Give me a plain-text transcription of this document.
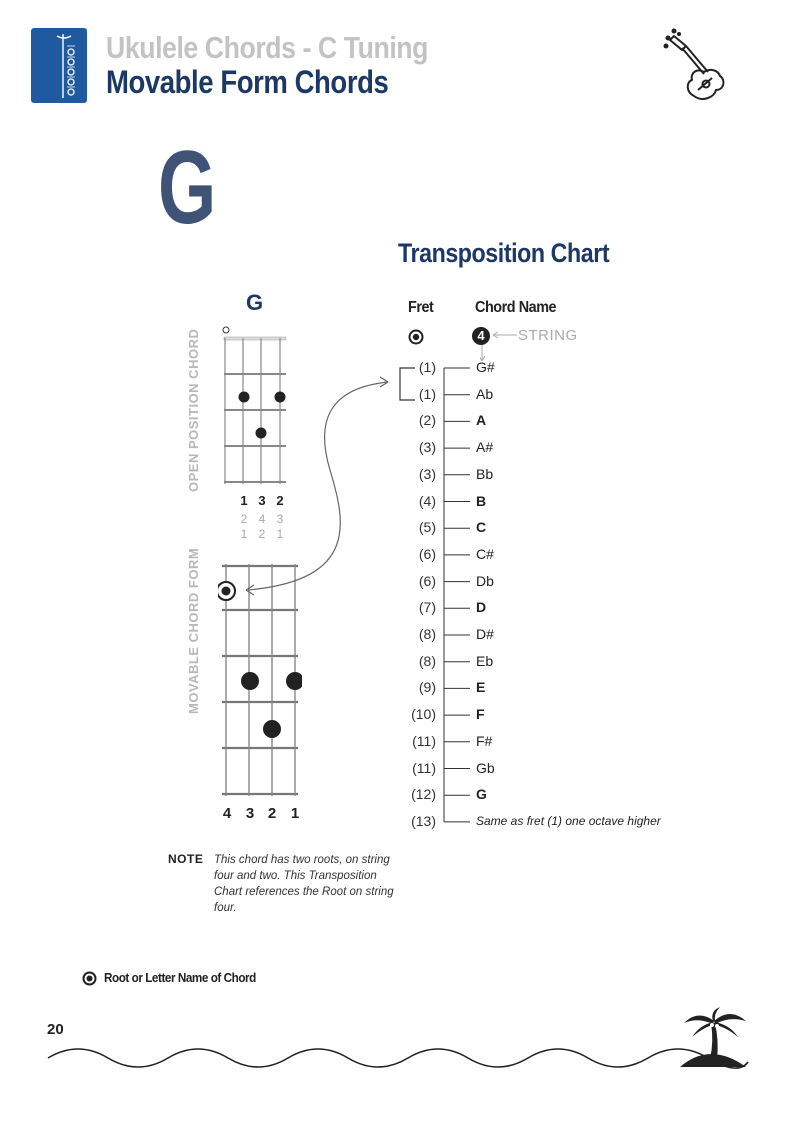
Ukulele Chords - C Tuning
Movable Form Chords
G
G
OPEN POSITION CHORD
1 3 2
2 4 3
1 2 1
MOVABLE CHORD FORM
4 3 2 1
Transposition Chart
Fret	Chord Name
4	STRING
(1)	G#
(1)	Ab
(2)	A
(3)	A#
(3)	Bb
(4)	B
(5)	C
(6)	C#
(6)	Db
(7)	D
(8)	D#
(8)	Eb
(9)	E
(10)	F
(11)	F#
(11)	Gb
(12)	G
(13)	Same as fret (1) one octave higher
NOTE This chord has two roots, on string four and two. This Transposition Chart references the Root on string four.
Root or Letter Name of Chord
20
